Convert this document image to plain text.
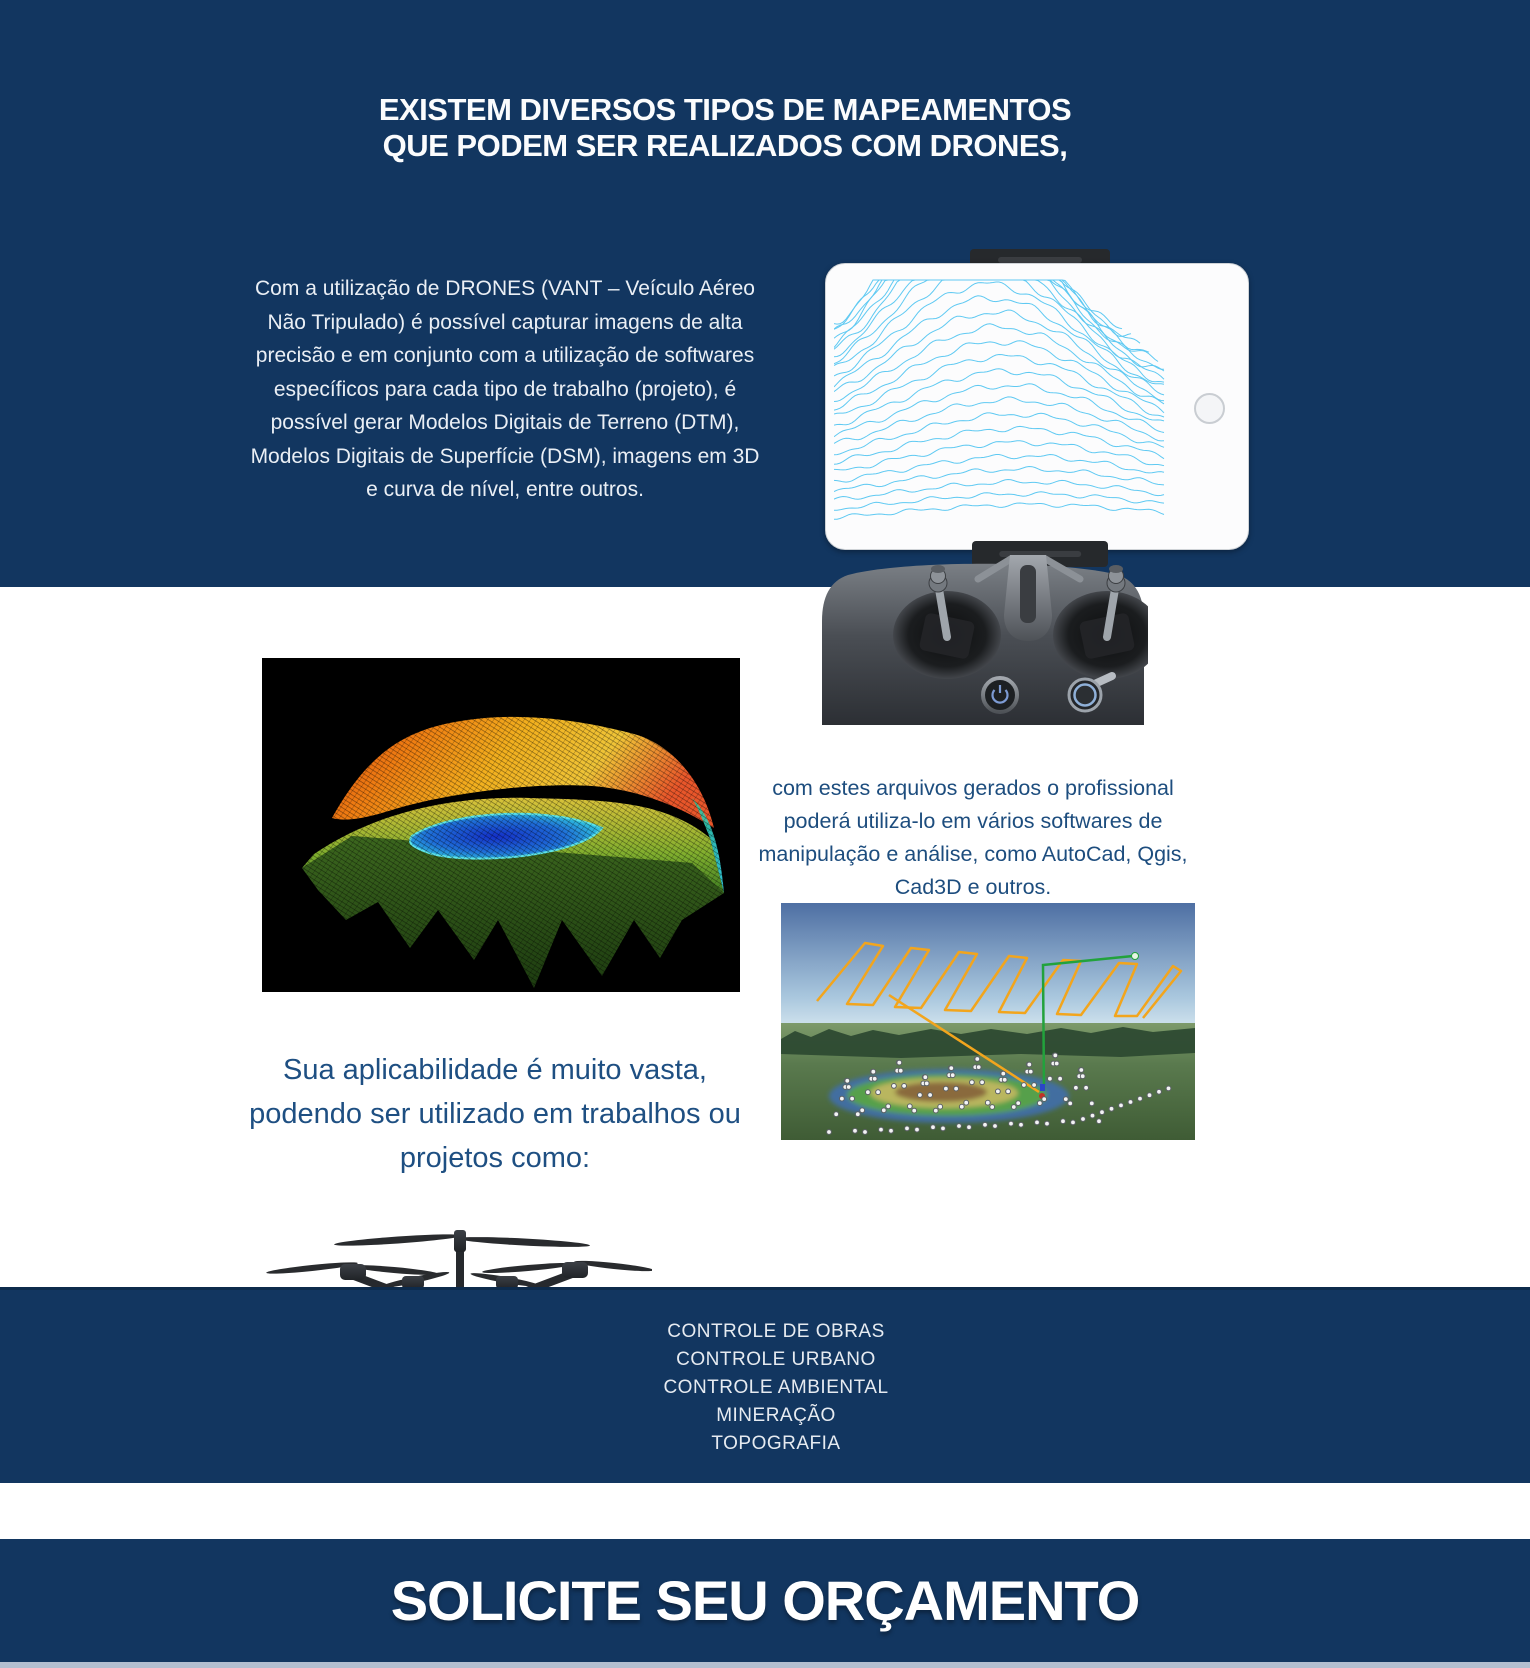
EXISTEM DIVERSOS TIPOS DE MAPEAMENTOS
QUE PODEM SER REALIZADOS COM DRONES,
Com a utilização de DRONES (VANT – Veículo Aéreo Não Tripulado) é possível capturar imagens de alta precisão e em conjunto com a utilização de softwares específicos para cada tipo de trabalho (projeto), é possível gerar Modelos Digitais de Terreno (DTM), Modelos Digitais de Superfície (DSM), imagens em 3D e curva de nível, entre outros.
com estes arquivos gerados o profissional poderá utiliza-lo em vários softwares de manipulação e análise, como AutoCad, Qgis, Cad3D e outros.
Sua aplicabilidade é muito vasta, podendo ser utilizado em trabalhos ou projetos como:
CONTROLE DE OBRAS
CONTROLE URBANO
CONTROLE AMBIENTAL
MINERAÇÃO
TOPOGRAFIA
SOLICITE SEU ORÇAMENTO
